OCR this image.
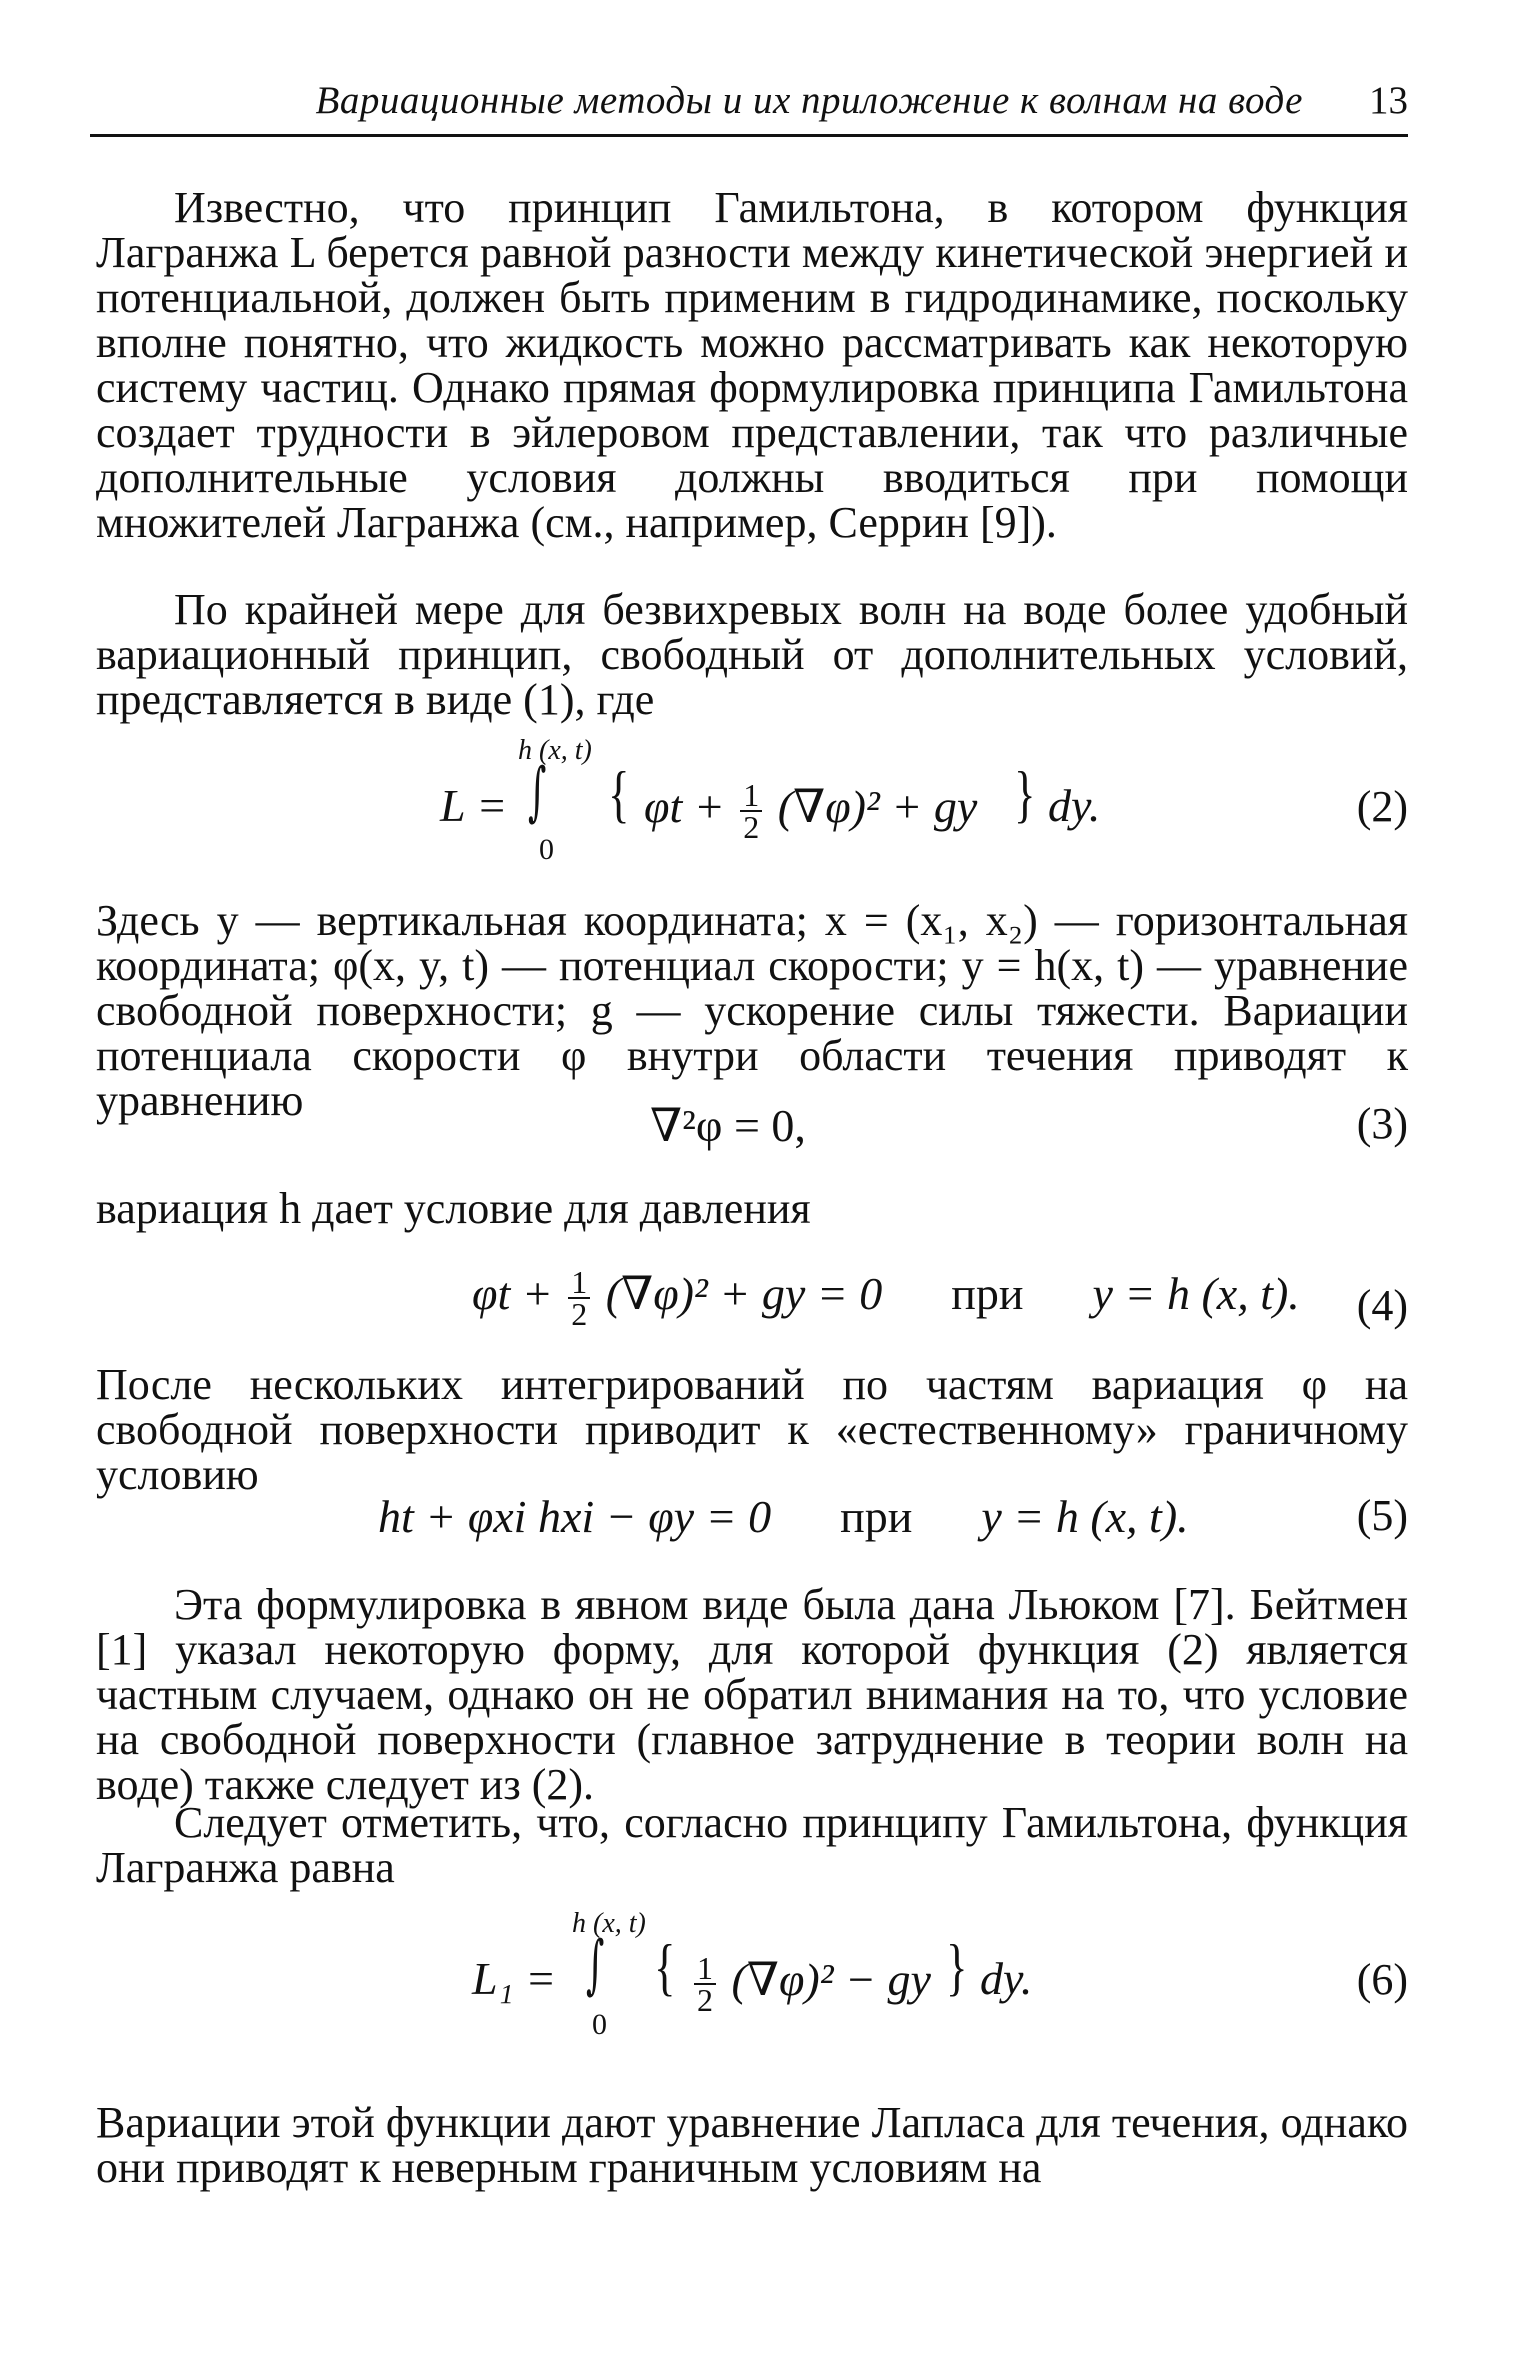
Вариационные методы и их приложение к волнам на воде 13

Известно, что принцип Гамильтона, в котором функция Лагранжа L берется равной разности между кинетической энергией и потенциальной, должен быть применим в гидродинамике, поскольку вполне понятно, что жидкость можно рассматривать как некоторую систему частиц. Однако прямая формулировка принципа Гамильтона создает трудности в эйлеровом представлении, так что различные дополнительные условия должны вводиться при помощи множителей Лагранжа (см., например, Серрин [9]).

По крайней мере для безвихревых волн на воде более удобный вариационный принцип, свободный от дополнительных условий, представляется в виде (1), где

h (x, t)
L = ∫
0
{ $\varphi t + \frac{1}{2} (\nabla\varphi)^2$ + gy } dy.	(2)

Здесь y — вертикальная координата; x = (x₁, x₂) — горизонтальная координата; φ(x, y, t) — потенциал скорости; y = h(x, t) — уравнение свободной поверхности; g — ускорение силы тяжести. Вариации потенциала скорости φ внутри области течения приводят к уравнению	∇²φ = 0,	(3)

вариация h дает условие для давления

$\varphi t + \frac{1}{2} (\nabla\varphi)^2$ + gy = 0 при y = h (x, t). (4)

После нескольких интегрирований по частям вариация φ на свободной поверхности приводит к «естественному» граничному условию

ht + φxi hxi − φy = 0 при y = h (x, t).	(5)

Эта формулировка в явном виде была дана Льюком [7]. Бейтмен [1] указал некоторую форму, для которой функция (2) является частным случаем, однако он не обратил внимания на то, что условие на свободной поверхности (главное затруднение в теории волн на воде) также следует из (2).

Следует отметить, что, согласно принципу Гамильтона, функция Лагранжа равна

h (x, t)
L₁ = ∫
0
{ $\frac{1}{2} (\nabla\varphi)^2$ − gy } dy.	(6)

Вариации этой функции дают уравнение Лапласа для течения, однако они приводят к неверным граничным условиям на
